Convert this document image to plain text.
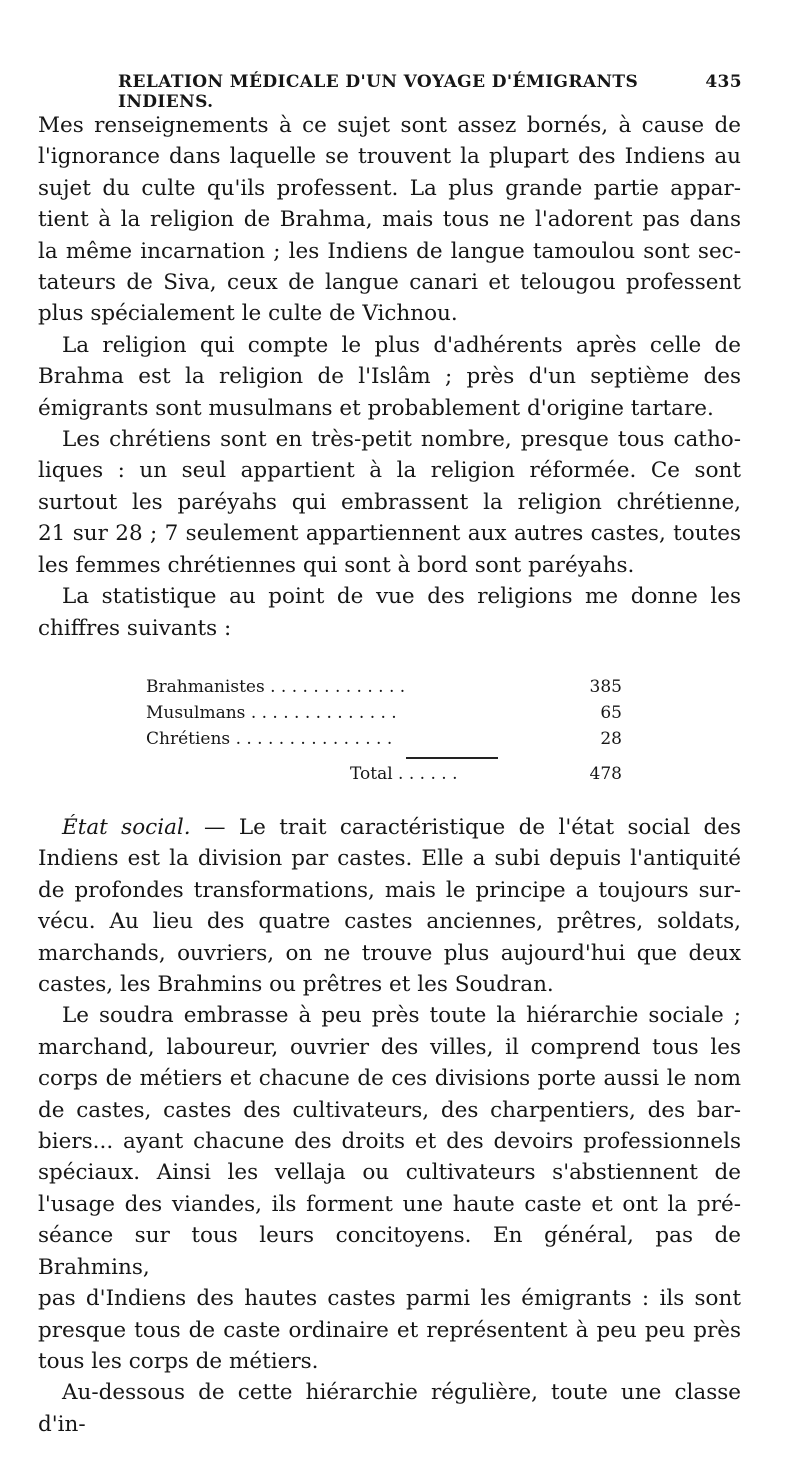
RELATION MÉDICALE D'UN VOYAGE D'ÉMIGRANTS INDIENS.
435

Mes renseignements à ce sujet sont assez bornés, à cause de

l'ignorance dans laquelle se trouvent la plupart des Indiens au

sujet du culte qu'ils professent. La plus grande partie appar-

tient à la religion de Brahma, mais tous ne l'adorent pas dans

la même incarnation ; les Indiens de langue tamoulou sont sec-

tateurs de Siva, ceux de langue canari et telougou professent

plus spécialement le culte de Vichnou.

La religion qui compte le plus d'adhérents après celle de

Brahma est la religion de l'Islâm ; près d'un septième des

émigrants sont musulmans et probablement d'origine tartare.

Les chrétiens sont en très-petit nombre, presque tous catho-

liques : un seul appartient à la religion réformée. Ce sont

surtout les paréyahs qui embrassent la religion chrétienne,

21 sur 28 ; 7 seulement appartiennent aux autres castes, toutes

les femmes chrétiennes qui sont à bord sont paréyahs.

La statistique au point de vue des religions me donne les

chiffres suivants :

Brahmanistes . . . . . . . . . . . . .	385
Musulmans . . . . . . . . . . . . . .	65
Chrétiens . . . . . . . . . . . . . . .	28
Total . . . . . .	478

État social. — Le trait caractéristique de l'état social des

Indiens est la division par castes. Elle a subi depuis l'antiquité

de profondes transformations, mais le principe a toujours sur-

vécu. Au lieu des quatre castes anciennes, prêtres, soldats,

marchands, ouvriers, on ne trouve plus aujourd'hui que deux

castes, les Brahmins ou prêtres et les Soudran.

Le soudra embrasse à peu près toute la hiérarchie sociale ;

marchand, laboureur, ouvrier des villes, il comprend tous les

corps de métiers et chacune de ces divisions porte aussi le nom

de castes, castes des cultivateurs, des charpentiers, des bar-

biers... ayant chacune des droits et des devoirs professionnels

spéciaux. Ainsi les vellaja ou cultivateurs s'abstiennent de

l'usage des viandes, ils forment une haute caste et ont la pré-

séance sur tous leurs concitoyens. En général, pas de Brahmins,

pas d'Indiens des hautes castes parmi les émigrants : ils sont

presque tous de caste ordinaire et représentent à peu peu près

tous les corps de métiers.

Au-dessous de cette hiérarchie régulière, toute une classe d'in-
